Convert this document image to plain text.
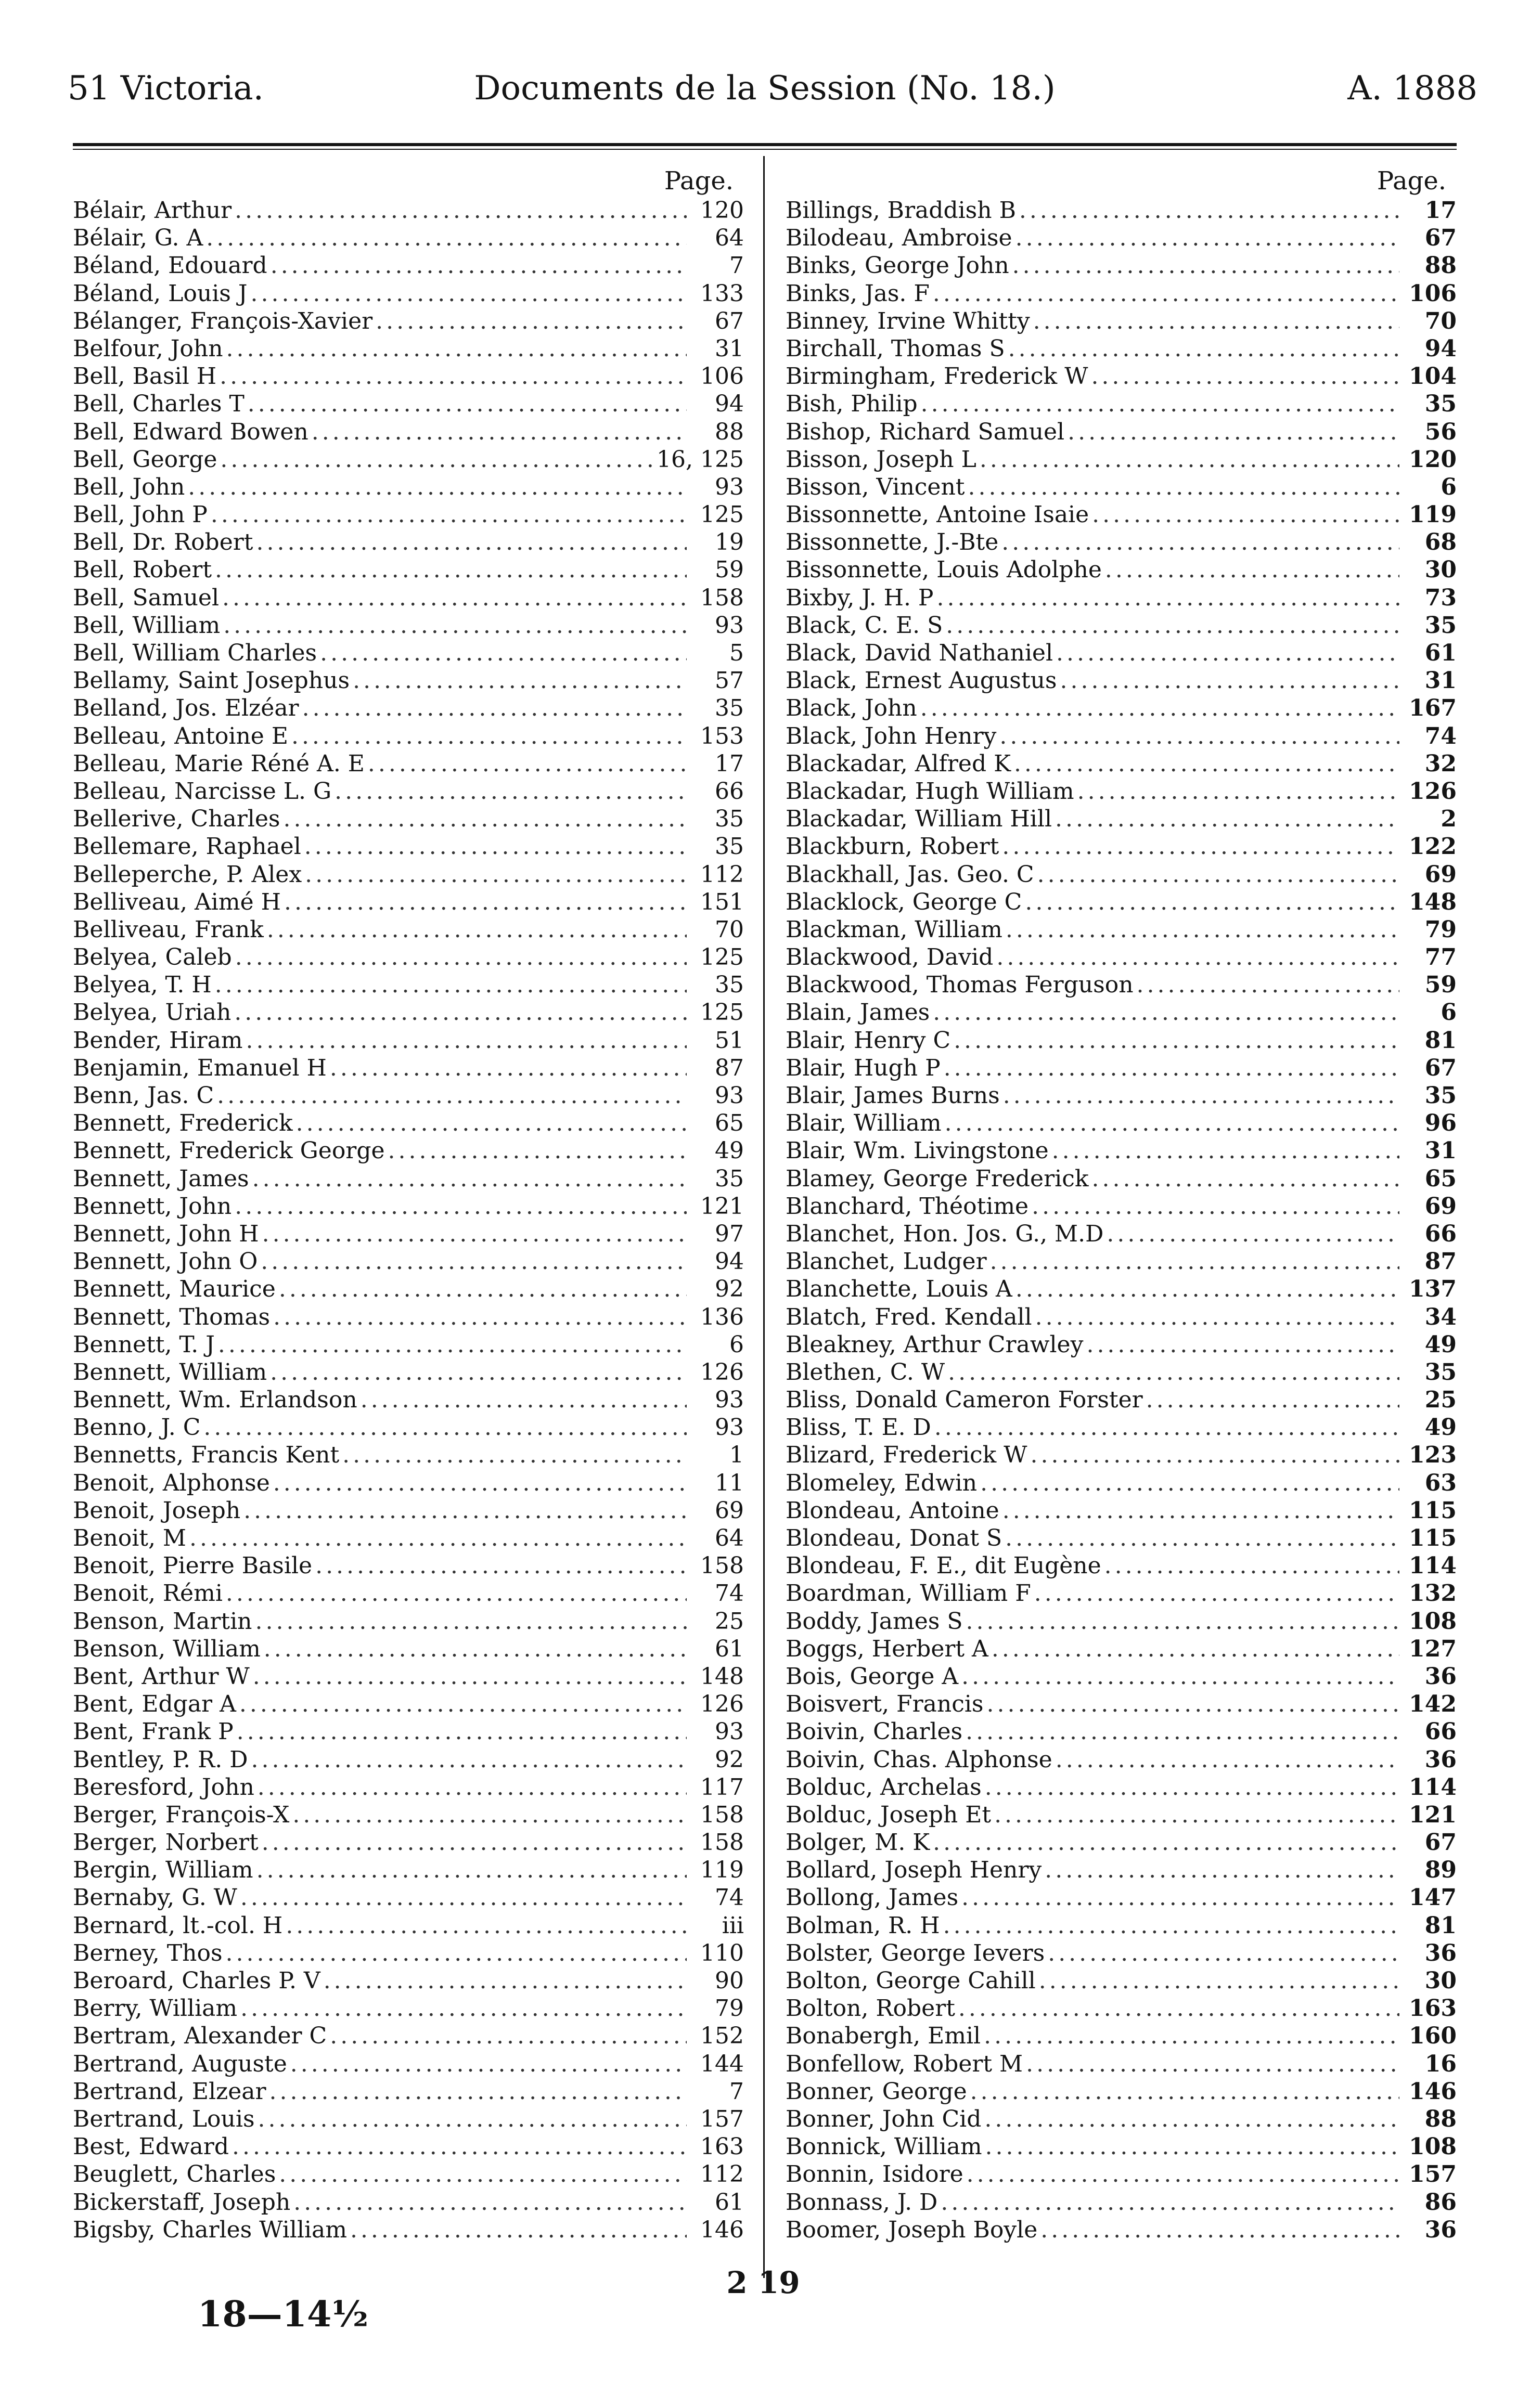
51 Victoria.	Documents de la Session (No. 18.)	A. 1888
Page.
Bélair, Arthur .....	120
Bélair, G. A .....	64
Béland, Edouard .....	7
Béland, Louis J .....	133
Bélanger, François-Xavier .....	67
Belfour, John .....	31
Bell, Basil H .....	106
Bell, Charles T .....	94
Bell, Edward Bowen .....	88
Bell, George .....	16, 125
Bell, John .....	93
Bell, John P .....	125
Bell, Dr. Robert .....	19
Bell, Robert .....	59
Bell, Samuel .....	158
Bell, William .....	93
Bell, William Charles .....	5
Bellamy, Saint Josephus .....	57
Belland, Jos. Elzéar .....	35
Belleau, Antoine E .....	153
Belleau, Marie Réné A. E .....	17
Belleau, Narcisse L. G .....	66
Bellerive, Charles .....	35
Bellemare, Raphael .....	35
Belleperche, P. Alex .....	112
Belliveau, Aimé H .....	151
Belliveau, Frank .....	70
Belyea, Caleb .....	125
Belyea, T. H .....	35
Belyea, Uriah .....	125
Bender, Hiram .....	51
Benjamin, Emanuel H .....	87
Benn, Jas. C .....	93
Bennett, Frederick .....	65
Bennett, Frederick George .....	49
Bennett, James .....	35
Bennett, John .....	121
Bennett, John H .....	97
Bennett, John O .....	94
Bennett, Maurice .....	92
Bennett, Thomas .....	136
Bennett, T. J .....	6
Bennett, William .....	126
Bennett, Wm. Erlandson .....	93
Benno, J. C .....	93
Bennetts, Francis Kent .....	1
Benoit, Alphonse .....	11
Benoit, Joseph .....	69
Benoit, M .....	64
Benoit, Pierre Basile .....	158
Benoit, Rémi .....	74
Benson, Martin .....	25
Benson, William .....	61
Bent, Arthur W .....	148
Bent, Edgar A .....	126
Bent, Frank P .....	93
Bentley, P. R. D .....	92
Beresford, John .....	117
Berger, François-X .....	158
Berger, Norbert .....	158
Bergin, William .....	119
Bernaby, G. W .....	74
Bernard, lt.-col. H .....	iii
Berney, Thos .....	110
Beroard, Charles P. V .....	90
Berry, William .....	79
Bertram, Alexander C .....	152
Bertrand, Auguste .....	144
Bertrand, Elzear .....	7
Bertrand, Louis .....	157
Best, Edward .....	163
Beuglett, Charles .....	112
Bickerstaff, Joseph .....	61
Bigsby, Charles William .....	146
Page.
Billings, Braddish B .....	17
Bilodeau, Ambroise .....	67
Binks, George John .....	88
Binks, Jas. F .....	106
Binney, Irvine Whitty .....	70
Birchall, Thomas S .....	94
Birmingham, Frederick W .....	104
Bish, Philip .....	35
Bishop, Richard Samuel .....	56
Bisson, Joseph L .....	120
Bisson, Vincent .....	6
Bissonnette, Antoine Isaie .....	119
Bissonnette, J.-Bte .....	68
Bissonnette, Louis Adolphe .....	30
Bixby, J. H. P .....	73
Black, C. E. S .....	35
Black, David Nathaniel .....	61
Black, Ernest Augustus .....	31
Black, John .....	167
Black, John Henry .....	74
Blackadar, Alfred K .....	32
Blackadar, Hugh William .....	126
Blackadar, William Hill .....	2
Blackburn, Robert .....	122
Blackhall, Jas. Geo. C .....	69
Blacklock, George C .....	148
Blackman, William .....	79
Blackwood, David .....	77
Blackwood, Thomas Ferguson .....	59
Blain, James .....	6
Blair, Henry C .....	81
Blair, Hugh P .....	67
Blair, James Burns .....	35
Blair, William .....	96
Blair, Wm. Livingstone .....	31
Blamey, George Frederick .....	65
Blanchard, Théotime .....	69
Blanchet, Hon. Jos. G., M.D .....	66
Blanchet, Ludger .....	87
Blanchette, Louis A .....	137
Blatch, Fred. Kendall .....	34
Bleakney, Arthur Crawley .....	49
Blethen, C. W .....	35
Bliss, Donald Cameron Forster .....	25
Bliss, T. E. D .....	49
Blizard, Frederick W .....	123
Blomeley, Edwin .....	63
Blondeau, Antoine .....	115
Blondeau, Donat S .....	115
Blondeau, F. E., dit Eugène .....	114
Boardman, William F .....	132
Boddy, James S .....	108
Boggs, Herbert A .....	127
Bois, George A .....	36
Boisvert, Francis .....	142
Boivin, Charles .....	66
Boivin, Chas. Alphonse .....	36
Bolduc, Archelas .....	114
Bolduc, Joseph Et .....	121
Bolger, M. K .....	67
Bollard, Joseph Henry .....	89
Bollong, James .....	147
Bolman, R. H .....	81
Bolster, George Ievers .....	36
Bolton, George Cahill .....	30
Bolton, Robert .....	163
Bonabergh, Emil .....	160
Bonfellow, Robert M .....	16
Bonner, George .....	146
Bonner, John Cid .....	88
Bonnick, William .....	108
Bonnin, Isidore .....	157
Bonnass, J. D .....	86
Boomer, Joseph Boyle .....	36
2 19
18—14½
